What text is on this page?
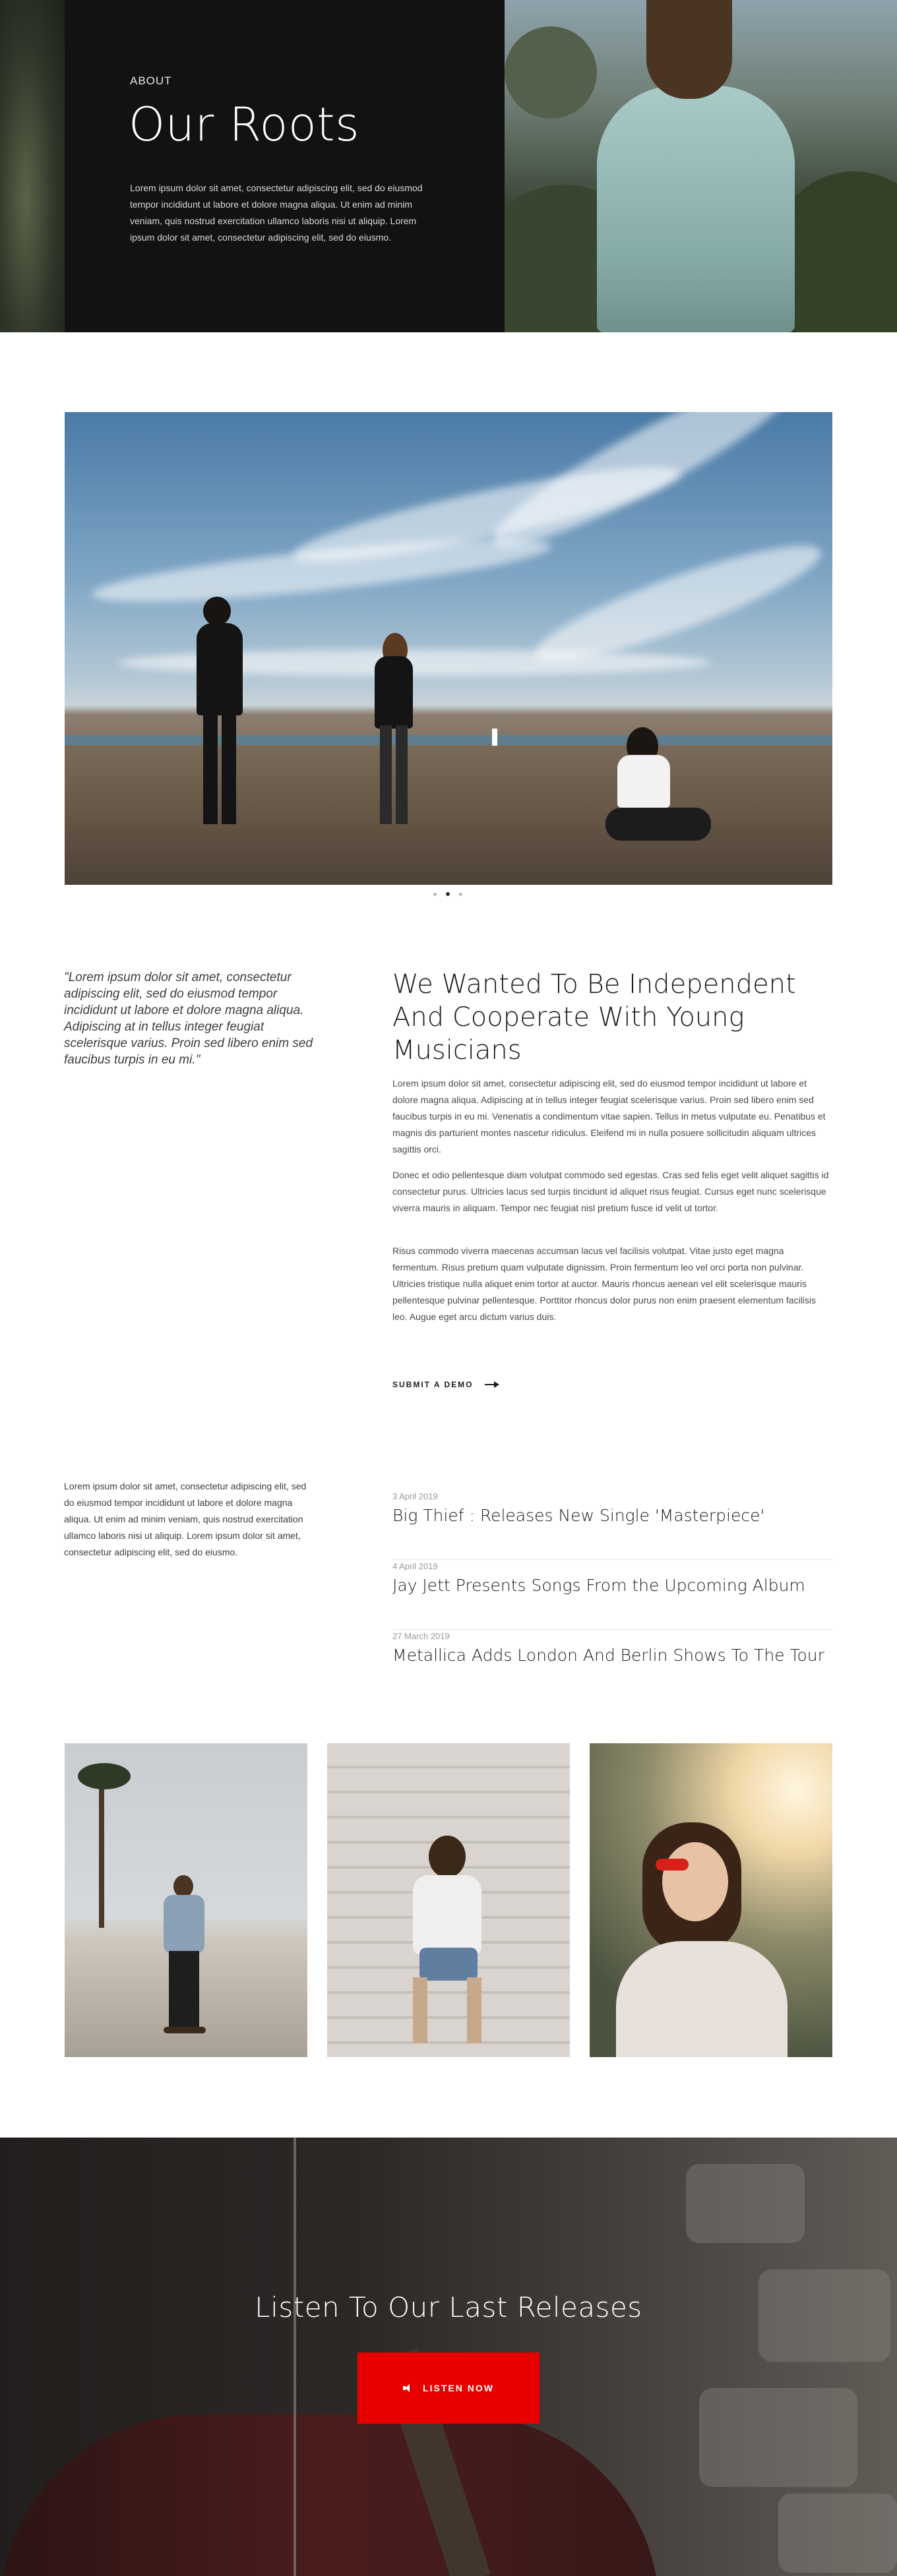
ABOUT
Our Roots

Lorem ipsum dolor sit amet, consectetur adipiscing elit, sed do eiusmod tempor incididunt ut labore et dolore magna aliqua. Ut enim ad minim veniam, quis nostrud exercitation ullamco laboris nisi ut aliquip. Lorem ipsum dolor sit amet, consectetur adipiscing elit, sed do eiusmo.

"Lorem ipsum dolor sit amet, consectetur adipiscing elit, sed do eiusmod tempor incididunt ut labore et dolore magna aliqua. Adipiscing at in tellus integer feugiat scelerisque varius. Proin sed libero enim sed faucibus turpis in eu mi."
We Wanted To Be Independent And Cooperate With Young Musicians

Lorem ipsum dolor sit amet, consectetur adipiscing elit, sed do eiusmod tempor incididunt ut labore et dolore magna aliqua. Adipiscing at in tellus integer feugiat scelerisque varius. Proin sed libero enim sed faucibus turpis in eu mi. Venenatis a condimentum vitae sapien. Tellus in metus vulputate eu. Penatibus et magnis dis parturient montes nascetur ridiculus. Eleifend mi in nulla posuere sollicitudin aliquam ultrices sagittis orci.

Donec et odio pellentesque diam volutpat commodo sed egestas. Cras sed felis eget velit aliquet sagittis id consectetur purus. Ultricies lacus sed turpis tincidunt id aliquet risus feugiat. Cursus eget nunc scelerisque viverra mauris in aliquam. Tempor nec feugiat nisl pretium fusce id velit ut tortor.

Risus commodo viverra maecenas accumsan lacus vel facilisis volutpat. Vitae justo eget magna fermentum. Risus pretium quam vulputate dignissim. Proin fermentum leo vel orci porta non pulvinar. Ultricies tristique nulla aliquet enim tortor at auctor. Mauris rhoncus aenean vel elit scelerisque mauris pellentesque pulvinar pellentesque. Porttitor rhoncus dolor purus non enim praesent elementum facilisis leo. Augue eget arcu dictum varius duis.

SUBMIT A DEMO

Lorem ipsum dolor sit amet, consectetur adipiscing elit, sed do eiusmod tempor incididunt ut labore et dolore magna aliqua. Ut enim ad minim veniam, quis nostrud exercitation ullamco laboris nisi ut aliquip. Lorem ipsum dolor sit amet, consectetur adipiscing elit, sed do eiusmo.

3 April 2019
Big Thief : Releases New Single 'Masterpiece'
4 April 2019
Jay Jett Presents Songs From the Upcoming Album
27 March 2019
Metallica Adds London And Berlin Shows To The Tour
Listen To Our Last Releases
LISTEN NOW
